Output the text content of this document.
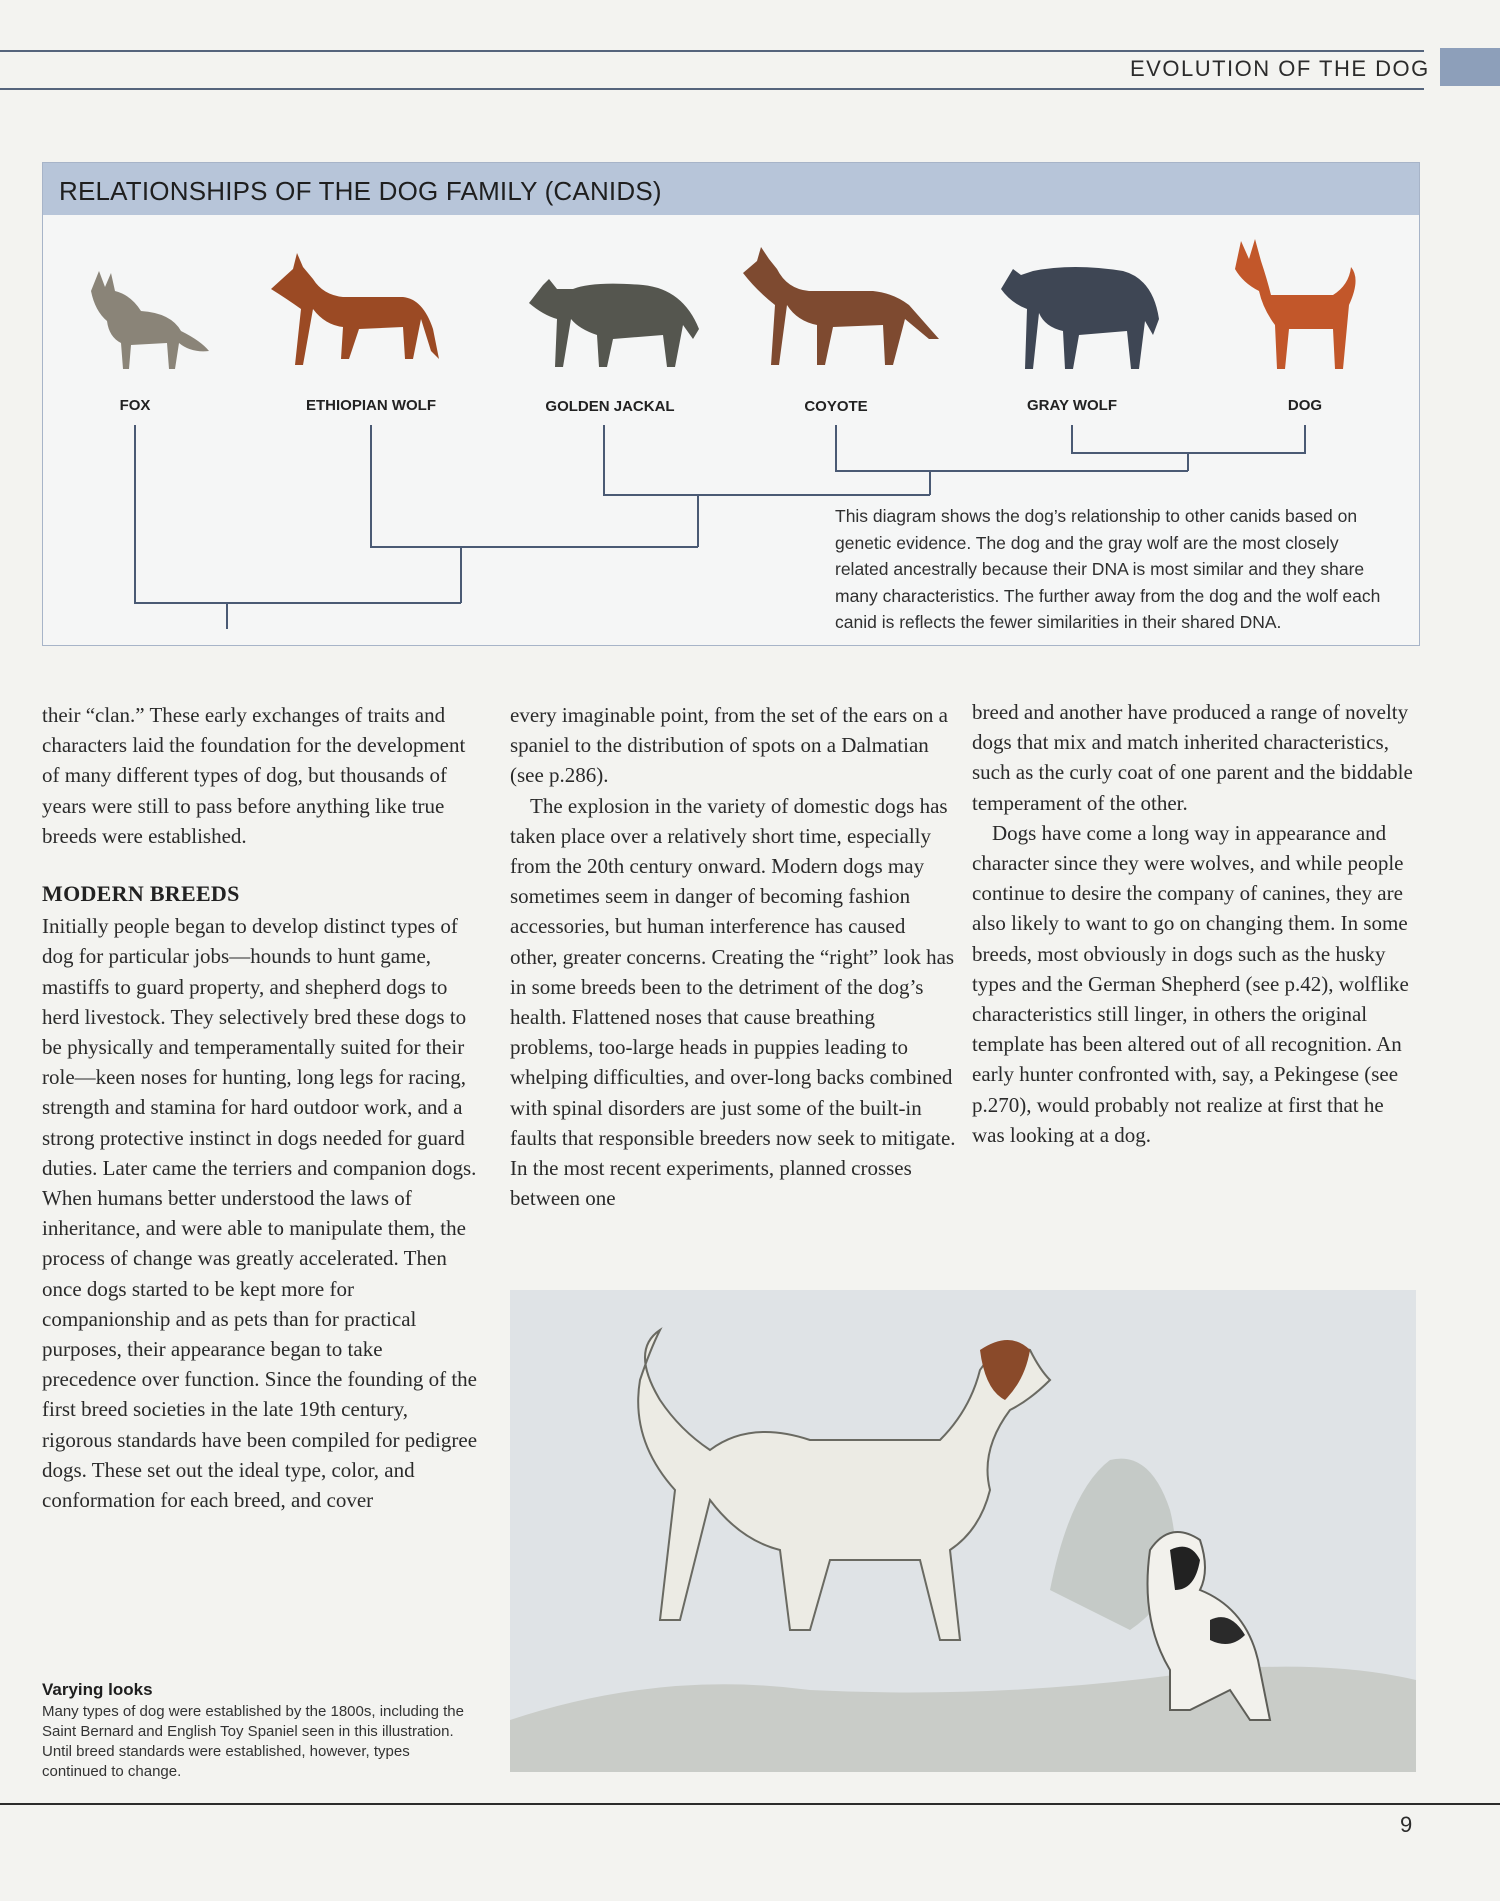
EVOLUTION OF THE DOG
RELATIONSHIPS OF THE DOG FAMILY (CANIDS)
FOX	ETHIOPIAN WOLF	GOLDEN JACKAL	COYOTE	GRAY WOLF	DOG
This diagram shows the dog’s relationship to other canids based on genetic evidence. The dog and the gray wolf are the most closely related ancestrally because their DNA is most similar and they share many characteristics. The further away from the dog and the wolf each canid is reflects the fewer similarities in their shared DNA.

their “clan.” These early exchanges of traits and characters laid the foundation for the development of many different types of dog, but thousands of years were still to pass before anything like true breeds were established.

MODERN BREEDS

Initially people began to develop distinct types of dog for particular jobs—hounds to hunt game, mastiffs to guard property, and shepherd dogs to herd livestock. They selectively bred these dogs to be physically and temperamentally suited for their role—keen noses for hunting, long legs for racing, strength and stamina for hard outdoor work, and a strong protective instinct in dogs needed for guard duties. Later came the terriers and companion dogs. When humans better understood the laws of inheritance, and were able to manipulate them, the process of change was greatly accelerated. Then once dogs started to be kept more for companionship and as pets than for practical purposes, their appearance began to take precedence over function. Since the founding of the first breed societies in the late 19th century, rigorous standards have been compiled for pedigree dogs. These set out the ideal type, color, and conformation for each breed, and cover

every imaginable point, from the set of the ears on a spaniel to the distribution of spots on a Dalmatian (see p.286).

The explosion in the variety of domestic dogs has taken place over a relatively short time, especially from the 20th century onward. Modern dogs may sometimes seem in danger of becoming fashion accessories, but human interference has caused other, greater concerns. Creating the “right” look has in some breeds been to the detriment of the dog’s health. Flattened noses that cause breathing problems, too-large heads in puppies leading to whelping difficulties, and over-long backs combined with spinal disorders are just some of the built-in faults that responsible breeders now seek to mitigate. In the most recent experiments, planned crosses between one

breed and another have produced a range of novelty dogs that mix and match inherited characteristics, such as the curly coat of one parent and the biddable temperament of the other.

Dogs have come a long way in appearance and character since they were wolves, and while people continue to desire the company of canines, they are also likely to want to go on changing them. In some breeds, most obviously in dogs such as the husky types and the German Shepherd (see p.42), wolflike characteristics still linger, in others the original template has been altered out of all recognition. An early hunter confronted with, say, a Pekingese (see p.270), would probably not realize at first that he was looking at a dog.

Varying looks
Many types of dog were established by the 1800s, including the Saint Bernard and English Toy Spaniel seen in this illustration. Until breed standards were established, however, types continued to change.
9
